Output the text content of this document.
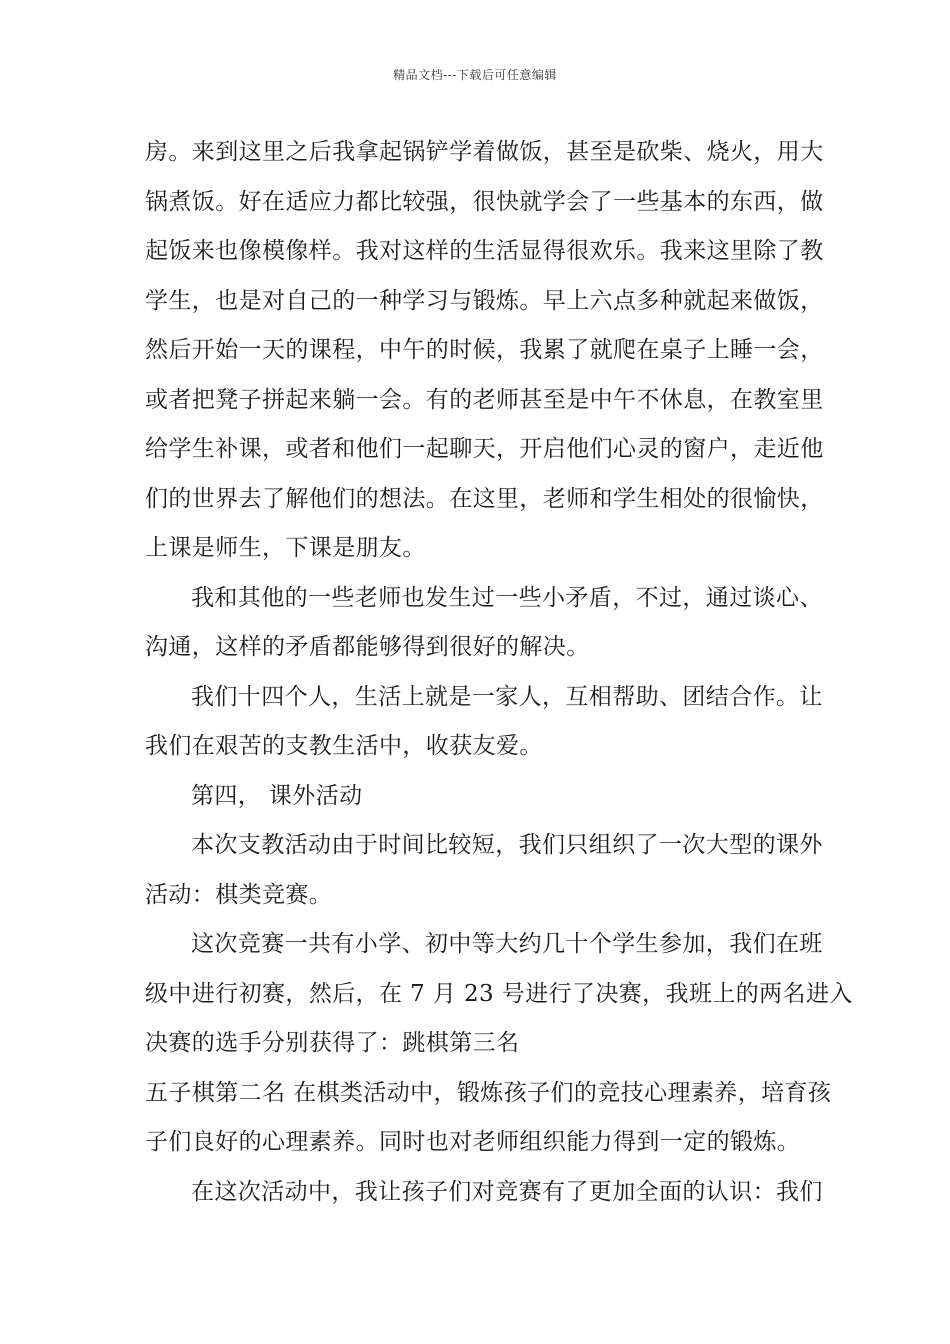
精品文档---下载后可任意编辑
房。来到这里之后我拿起锅铲学着做饭，甚至是砍柴、烧火，用大
锅煮饭。好在适应力都比较强，很快就学会了一些基本的东西，做
起饭来也像模像样。我对这样的生活显得很欢乐。我来这里除了教
学生，也是对自己的一种学习与锻炼。早上六点多种就起来做饭，
然后开始一天的课程，中午的时候，我累了就爬在桌子上睡一会，
或者把凳子拼起来躺一会。有的老师甚至是中午不休息，在教室里
给学生补课，或者和他们一起聊天，开启他们心灵的窗户，走近他
们的世界去了解他们的想法。在这里，老师和学生相处的很愉快，
上课是师生，下课是朋友。
我和其他的一些老师也发生过一些小矛盾，不过，通过谈心、
沟通，这样的矛盾都能够得到很好的解决。
我们十四个人，生活上就是一家人，互相帮助、团结合作。让
我们在艰苦的支教生活中，收获友爱。
第四， 课外活动
本次支教活动由于时间比较短，我们只组织了一次大型的课外
活动：棋类竞赛。
这次竞赛一共有小学、初中等大约几十个学生参加，我们在班
级中进行初赛，然后，在 7 月 23 号进行了决赛，我班上的两名进入
决赛的选手分别获得了：跳棋第三名
五子棋第二名 在棋类活动中，锻炼孩子们的竞技心理素养，培育孩
子们良好的心理素养。同时也对老师组织能力得到一定的锻炼。
在这次活动中，我让孩子们对竞赛有了更加全面的认识：我们
